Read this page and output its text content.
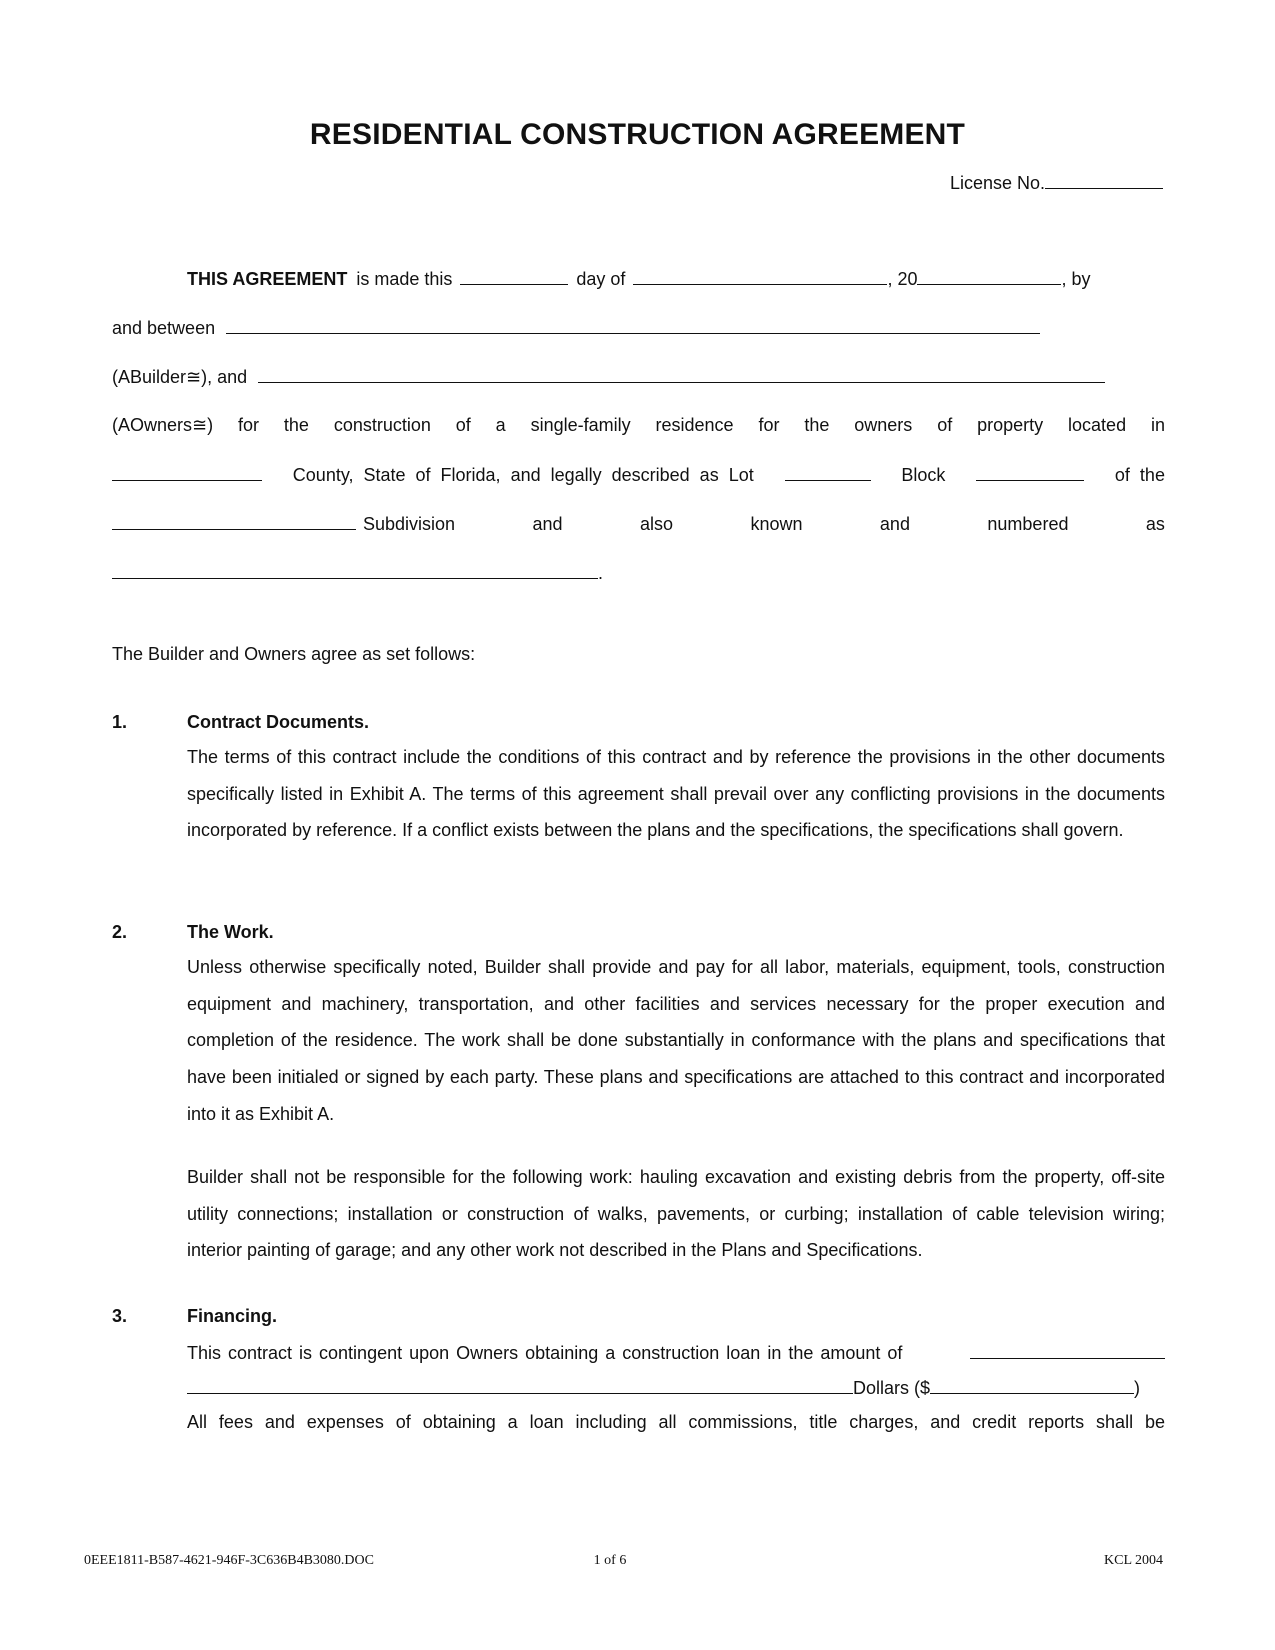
RESIDENTIAL CONSTRUCTION AGREEMENT
License No.
THIS AGREEMENT is made this	day of	, 20	, by
and between
(ABuilder≅), and
(AOwners≅) for the construction of a single-family residence for the owners of property located in
County,  State  of  Florida,  and  legally  described  as  Lot	Block	of  the
Subdivision	and	also	known	and	numbered	as
.
The Builder and Owners agree as set follows:
1.	Contract Documents.
The terms of this contract include the conditions of this contract and by reference the provisions in the other documents specifically listed in Exhibit A. The terms of this agreement shall prevail over any conflicting provisions in the documents incorporated by reference. If a conflict exists between the plans and the specifications, the specifications shall govern.
2.	The Work.
Unless otherwise specifically noted, Builder shall provide and pay for all labor, materials, equipment, tools, construction equipment and machinery, transportation, and other facilities and services necessary for the proper execution and completion of the residence. The work shall be done substantially in conformance with the plans and specifications that have been initialed or signed by each party. These plans and specifications are attached to this contract and incorporated into it as Exhibit A.
Builder shall not be responsible for the following work: hauling excavation and existing debris from the property, off-site utility connections; installation or construction of walks, pavements, or curbing; installation of cable television wiring; interior painting of garage; and any other work not described in the Plans and Specifications.
3.	Financing.
This contract is contingent upon Owners obtaining a construction loan in the amount of
Dollars ($	)
All fees and expenses of obtaining a loan including all commissions, title charges, and credit reports shall be
0EEE1811-B587-4621-946F-3C636B4B3080.DOC	1 of 6	KCL 2004
